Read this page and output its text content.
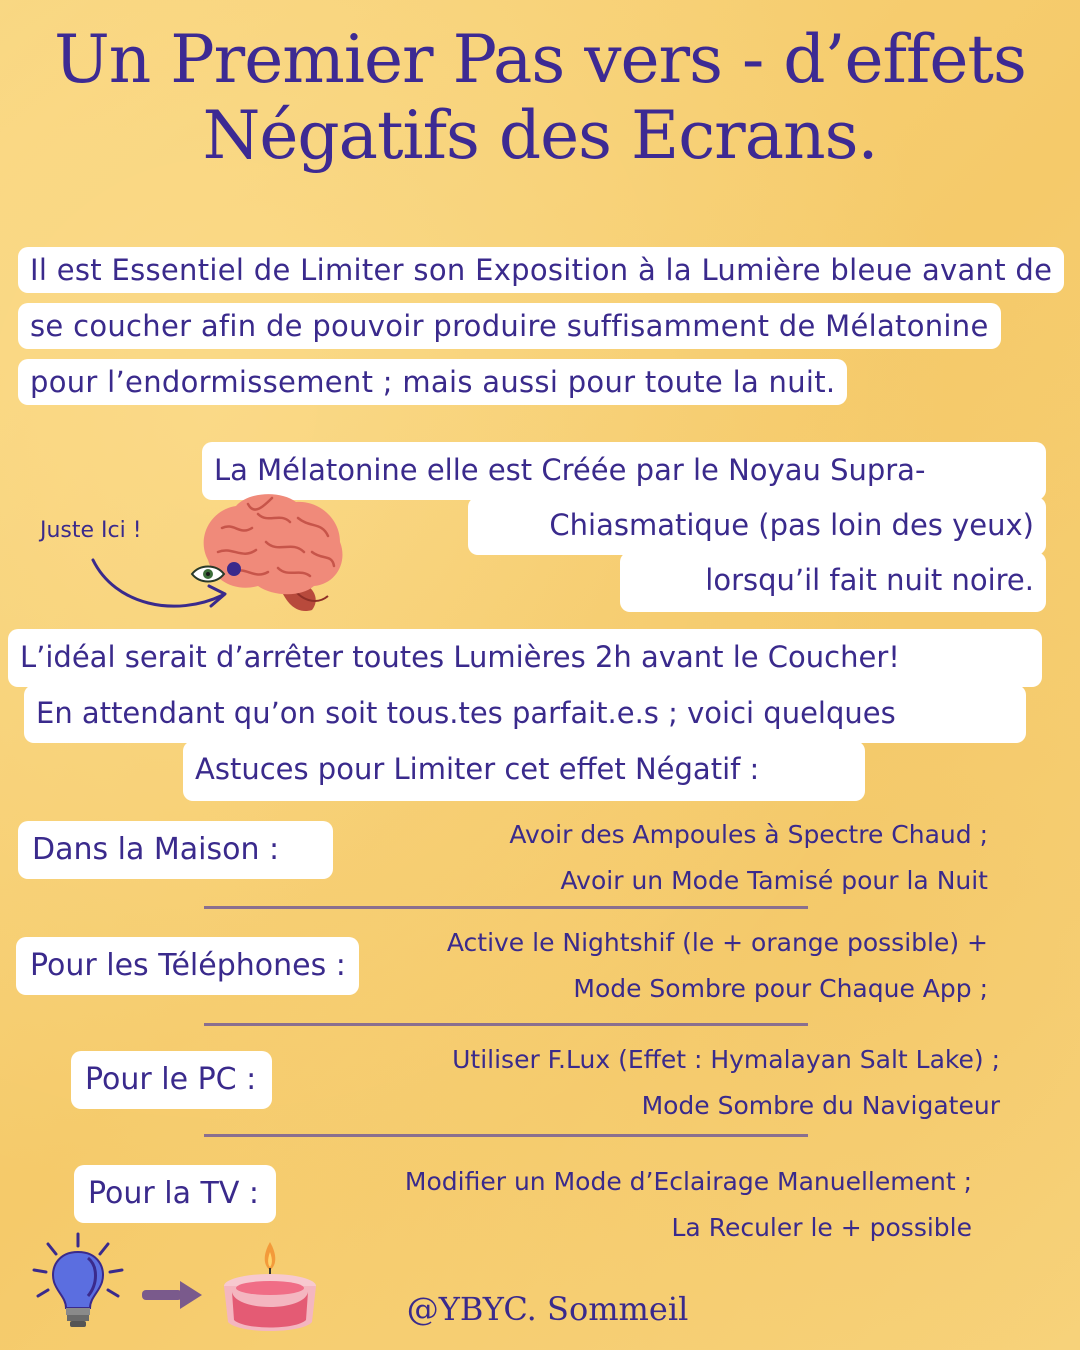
Un Premier Pas vers - d’effets
Négatifs des Ecrans.
Il est Essentiel de Limiter son Exposition à la Lumière bleue avant de se coucher afin de pouvoir produire suffisamment de Mélatonine pour l’endormissement ; mais aussi pour toute la nuit.
La Mélatonine elle est Créée par le Noyau Supra-
Chiasmatique (pas loin des yeux)
lorsqu’il fait nuit noire.
Juste Ici !
L’idéal serait d’arrêter toutes Lumières 2h avant le Coucher!
En attendant qu’on soit tous.tes parfait.e.s ; voici quelques
Astuces pour Limiter cet effet Négatif :
Dans la Maison :	Avoir des Ampoules à Spectre Chaud ;
Avoir un Mode Tamisé pour la Nuit
Pour les Téléphones :
Active le Nightshif (le + orange possible) +
Mode Sombre pour Chaque App ;
Pour le PC :
Utiliser F.Lux (Effet : Hymalayan Salt Lake) ;
Mode Sombre du Navigateur
Pour la TV :	Modifier un Mode d’Eclairage Manuellement ;
La Reculer le + possible
@YBYC. Sommeil
